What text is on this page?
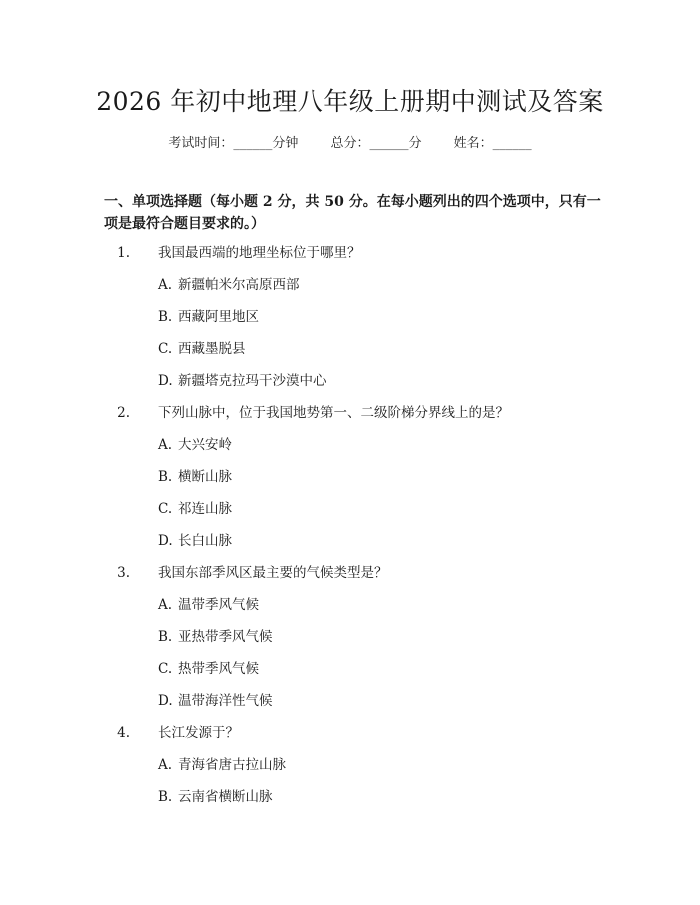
2026 年初中地理八年级上册期中测试及答案
考试时间：______分钟 总分：______分 姓名：______
一、单项选择题（每小题 2 分，共 50 分。在每小题列出的四个选项中，只有一项是最符合题目要求的。）
1. 我国最西端的地理坐标位于哪里？
A. 新疆帕米尔高原西部
B. 西藏阿里地区
C. 西藏墨脱县
D. 新疆塔克拉玛干沙漠中心
2. 下列山脉中，位于我国地势第一、二级阶梯分界线上的是？
A. 大兴安岭
B. 横断山脉
C. 祁连山脉
D. 长白山脉
3. 我国东部季风区最主要的气候类型是？
A. 温带季风气候
B. 亚热带季风气候
C. 热带季风气候
D. 温带海洋性气候
4. 长江发源于？
A. 青海省唐古拉山脉
B. 云南省横断山脉
